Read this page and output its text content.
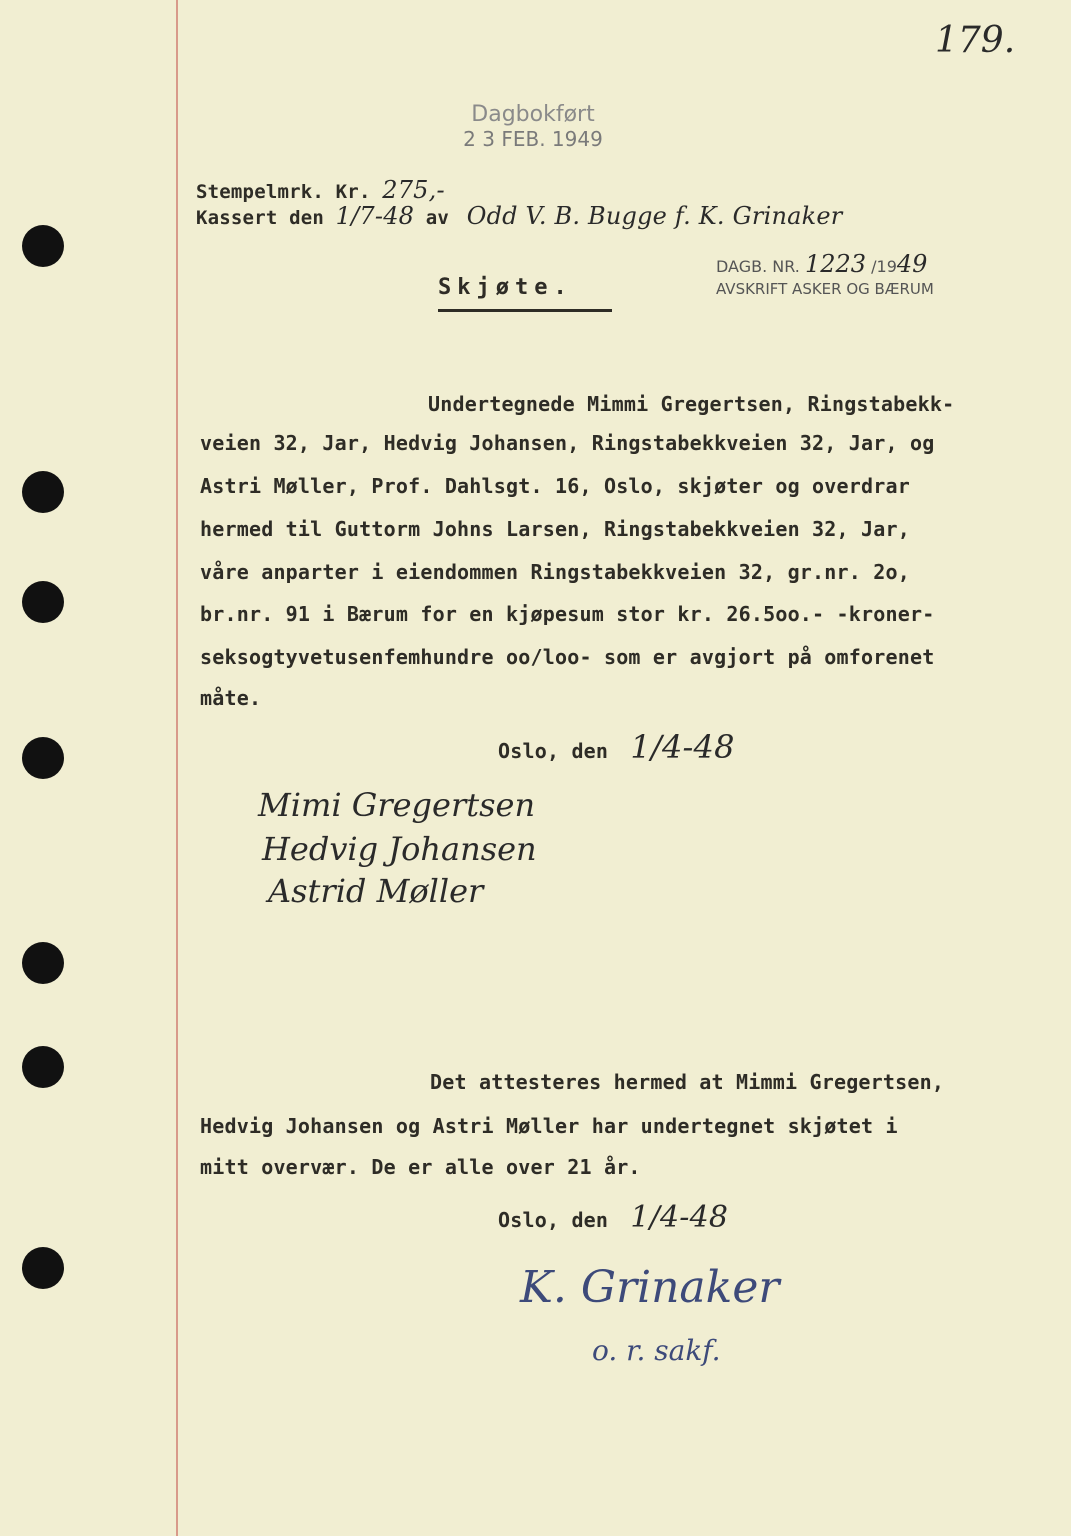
179.
Dagbokført
2 3 FEB. 1949
Stempelmrk. Kr. 275,-
Kassert den 1/7-48 av Odd V. B. Bugge f. K. Grinaker
DAGB. NR. 1223 /1949
AVSKRIFT ASKER OG BÆRUM
Skjøte.
Undertegnede Mimmi Gregertsen, Ringstabekk-
veien 32, Jar, Hedvig Johansen, Ringstabekkveien 32, Jar, og
Astri Møller, Prof. Dahlsgt. 16, Oslo, skjøter og overdrar
hermed til Guttorm Johns Larsen, Ringstabekkveien 32, Jar,
våre anparter i eiendommen Ringstabekkveien 32, gr.nr. 2o,
br.nr. 91 i Bærum for en kjøpesum stor kr. 26.5oo.- -kroner-
seksogtyvetusenfemhundre oo/loo- som er avgjort på omforenet
måte.
Oslo, den 1/4-48
Mimi Gregertsen
Hedvig Johansen
Astrid Møller
Det attesteres hermed at Mimmi Gregertsen,
Hedvig Johansen og Astri Møller har undertegnet skjøtet i
mitt overvær. De er alle over 21 år.
Oslo, den 1/4-48
K. Grinaker
o. r. sakf.
